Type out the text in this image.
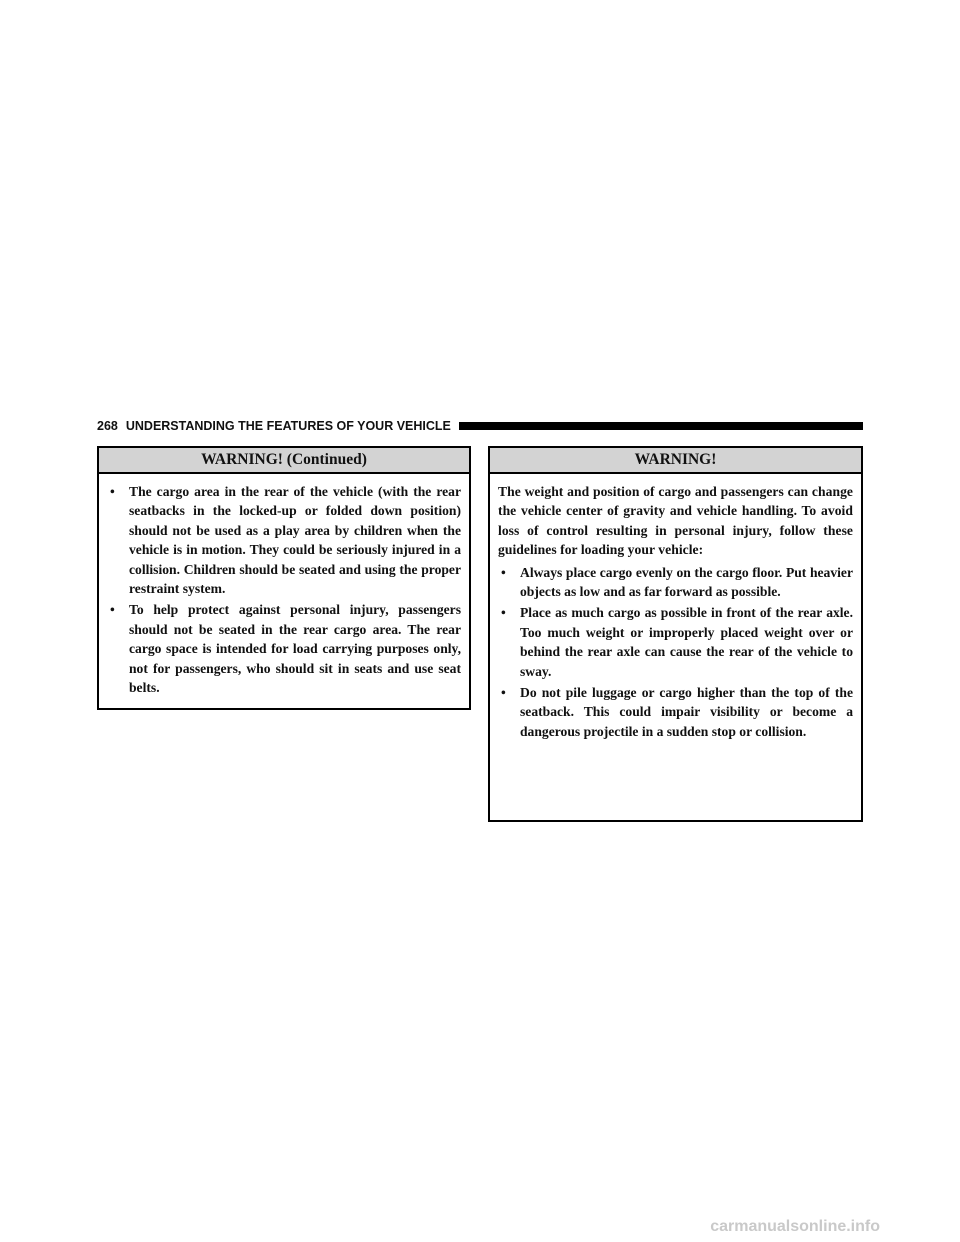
268 UNDERSTANDING THE FEATURES OF YOUR VEHICLE
WARNING! (Continued)
• The cargo area in the rear of the vehicle (with the rear seatbacks in the locked-up or folded down position) should not be used as a play area by children when the vehicle is in motion. They could be seriously injured in a collision. Children should be seated and using the proper restraint system.
• To help protect against personal injury, passengers should not be seated in the rear cargo area. The rear cargo space is intended for load carrying purposes only, not for passengers, who should sit in seats and use seat belts.
WARNING!

The weight and position of cargo and passengers can change the vehicle center of gravity and vehicle handling. To avoid loss of control resulting in personal injury, follow these guidelines for loading your vehicle:

• Always place cargo evenly on the cargo floor. Put heavier objects as low and as far forward as possible.
• Place as much cargo as possible in front of the rear axle. Too much weight or improperly placed weight over or behind the rear axle can cause the rear of the vehicle to sway.
• Do not pile luggage or cargo higher than the top of the seatback. This could impair visibility or become a dangerous projectile in a sudden stop or collision.
carmanualsonline.info
